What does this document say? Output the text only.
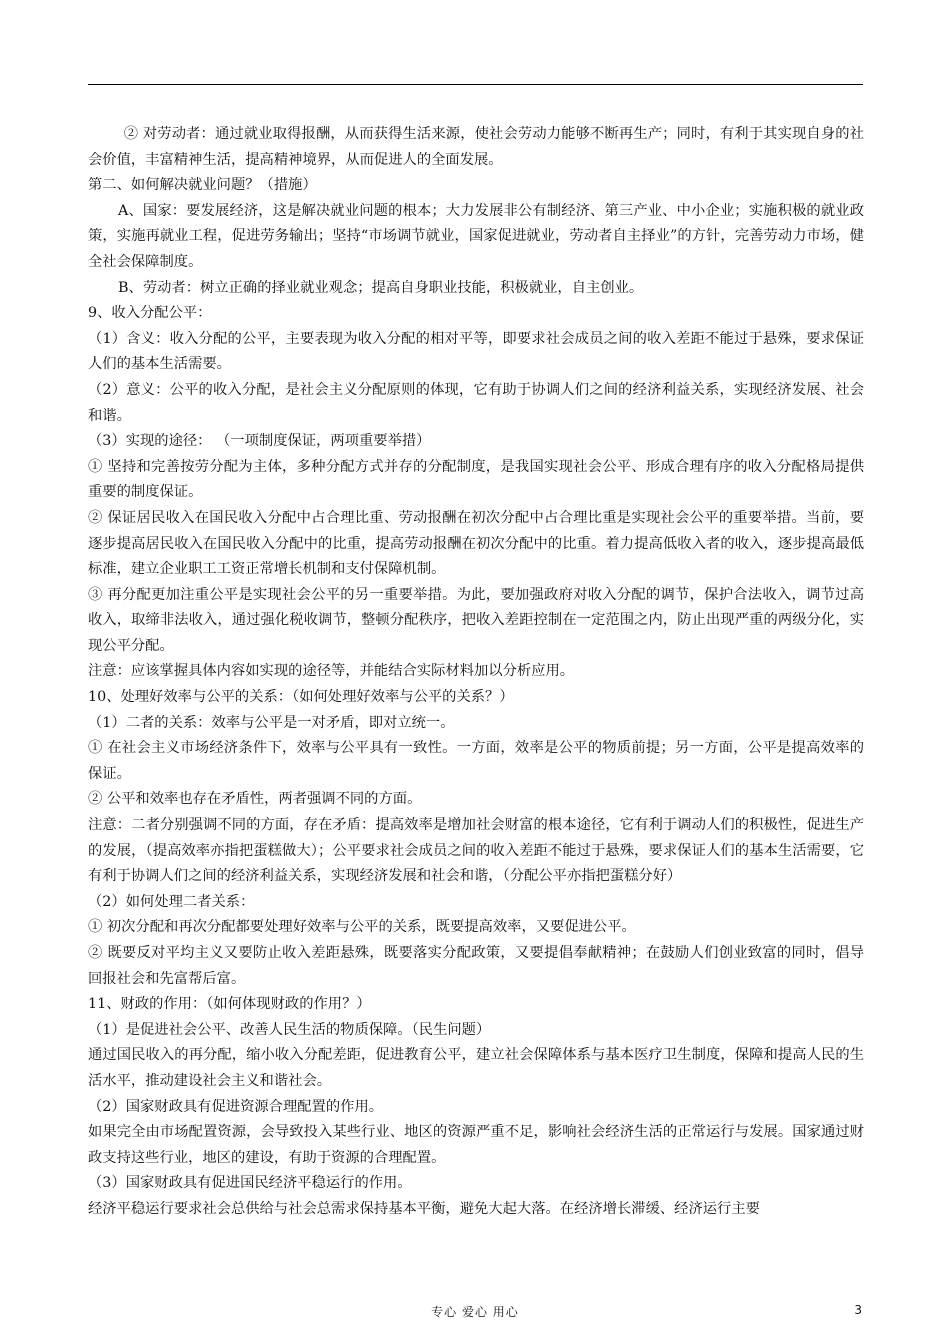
② 对劳动者：通过就业取得报酬，从而获得生活来源，使社会劳动力能够不断再生产；同时，有利于其实现自身的社会价值，丰富精神生活，提高精神境界，从而促进人的全面发展。

第二、如何解决就业问题？（措施）

A、国家：要发展经济，这是解决就业问题的根本；大力发展非公有制经济、第三产业、中小企业；实施积极的就业政策，实施再就业工程，促进劳务输出；坚持“市场调节就业，国家促进就业，劳动者自主择业”的方针，完善劳动力市场，健全社会保障制度。

B、劳动者：树立正确的择业就业观念；提高自身职业技能，积极就业，自主创业。

9、收入分配公平：

（1）含义：收入分配的公平，主要表现为收入分配的相对平等，即要求社会成员之间的收入差距不能过于悬殊，要求保证人们的基本生活需要。

（2）意义：公平的收入分配，是社会主义分配原则的体现，它有助于协调人们之间的经济利益关系，实现经济发展、社会和谐。

（3）实现的途径： （一项制度保证，两项重要举措）

① 坚持和完善按劳分配为主体，多种分配方式并存的分配制度，是我国实现社会公平、形成合理有序的收入分配格局提供重要的制度保证。

② 保证居民收入在国民收入分配中占合理比重、劳动报酬在初次分配中占合理比重是实现社会公平的重要举措。当前，要逐步提高居民收入在国民收入分配中的比重，提高劳动报酬在初次分配中的比重。着力提高低收入者的收入，逐步提高最低标准，建立企业职工工资正常增长机制和支付保障机制。

③ 再分配更加注重公平是实现社会公平的另一重要举措。为此，要加强政府对收入分配的调节，保护合法收入，调节过高收入，取缔非法收入，通过强化税收调节，整顿分配秩序，把收入差距控制在一定范围之内，防止出现严重的两级分化，实现公平分配。

注意：应该掌握具体内容如实现的途径等，并能结合实际材料加以分析应用。

10、处理好效率与公平的关系：（如何处理好效率与公平的关系？）

（1）二者的关系：效率与公平是一对矛盾，即对立统一。

① 在社会主义市场经济条件下，效率与公平具有一致性。一方面，效率是公平的物质前提；另一方面，公平是提高效率的保证。

② 公平和效率也存在矛盾性，两者强调不同的方面。

注意：二者分别强调不同的方面，存在矛盾：提高效率是增加社会财富的根本途径，它有利于调动人们的积极性，促进生产的发展，（提高效率亦指把蛋糕做大）；公平要求社会成员之间的收入差距不能过于悬殊，要求保证人们的基本生活需要，它有利于协调人们之间的经济利益关系，实现经济发展和社会和谐，（分配公平亦指把蛋糕分好）

（2）如何处理二者关系：

① 初次分配和再次分配都要处理好效率与公平的关系，既要提高效率，又要促进公平。

② 既要反对平均主义又要防止收入差距悬殊，既要落实分配政策，又要提倡奉献精神；在鼓励人们创业致富的同时，倡导回报社会和先富帮后富。

11、财政的作用：（如何体现财政的作用？）

（1）是促进社会公平、改善人民生活的物质保障。（民生问题）

通过国民收入的再分配，缩小收入分配差距，促进教育公平，建立社会保障体系与基本医疗卫生制度，保障和提高人民的生活水平，推动建设社会主义和谐社会。

（2）国家财政具有促进资源合理配置的作用。

如果完全由市场配置资源，会导致投入某些行业、地区的资源严重不足，影响社会经济生活的正常运行与发展。国家通过财政支持这些行业，地区的建设，有助于资源的合理配置。

（3）国家财政具有促进国民经济平稳运行的作用。

经济平稳运行要求社会总供给与社会总需求保持基本平衡，避免大起大落。在经济增长滞缓、经济运行主要

专心 爱心 用心	3
